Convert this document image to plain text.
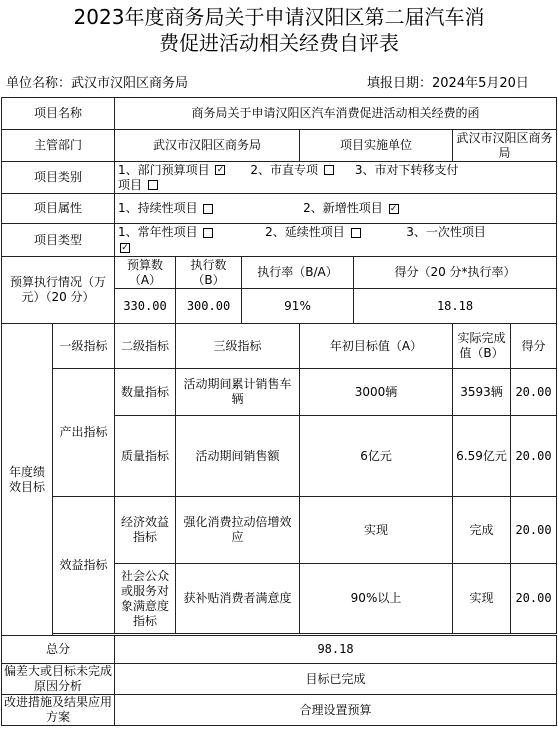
2023年度商务局关于申请汉阳区第二届汽车消
费促进活动相关经费自评表
单位名称：武汉市汉阳区商务局	填报日期：2024年5月20日
项目名称		商务局关于申请汉阳区汽车消费促进活动相关经费的函						
主管部门		武汉市汉阳区商务局			项目实施单位		武汉市汉阳区商务局	
项目类别		1、部门预算项目 ✓ 2、市直专项 3、市对下转移支付
项目
项目属性		1、持续性项目 2、新增性项目 ✓
项目类型		1、常年性项目 2、延续性项目 3、一次性项目
✓
预算执行情况（万元）（20 分）		预算数（A）	执行数（B）	执行率（B/A）		得分（20 分*执行率）		
		330.00	300.00	91%		18.18		
年度绩效目标	一级指标	二级指标	三级指标		年初目标值（A）		实际完成值（B）	得分
	产出指标	数量指标	活动期间累计销售车辆		3000辆		3593辆	20.00
		质量指标	活动期间销售额		6亿元		6.59亿元	20.00
	效益指标	经济效益指标	强化消费拉动倍增效应		实现		完成	20.00
		社会公众或服务对象满意度指标	获补贴消费者满意度		90%以上		实现	20.00

总分		98.18						
偏差大或目标未完成原因分析		目标已完成						
改进措施及结果应用方案		合理设置预算						
